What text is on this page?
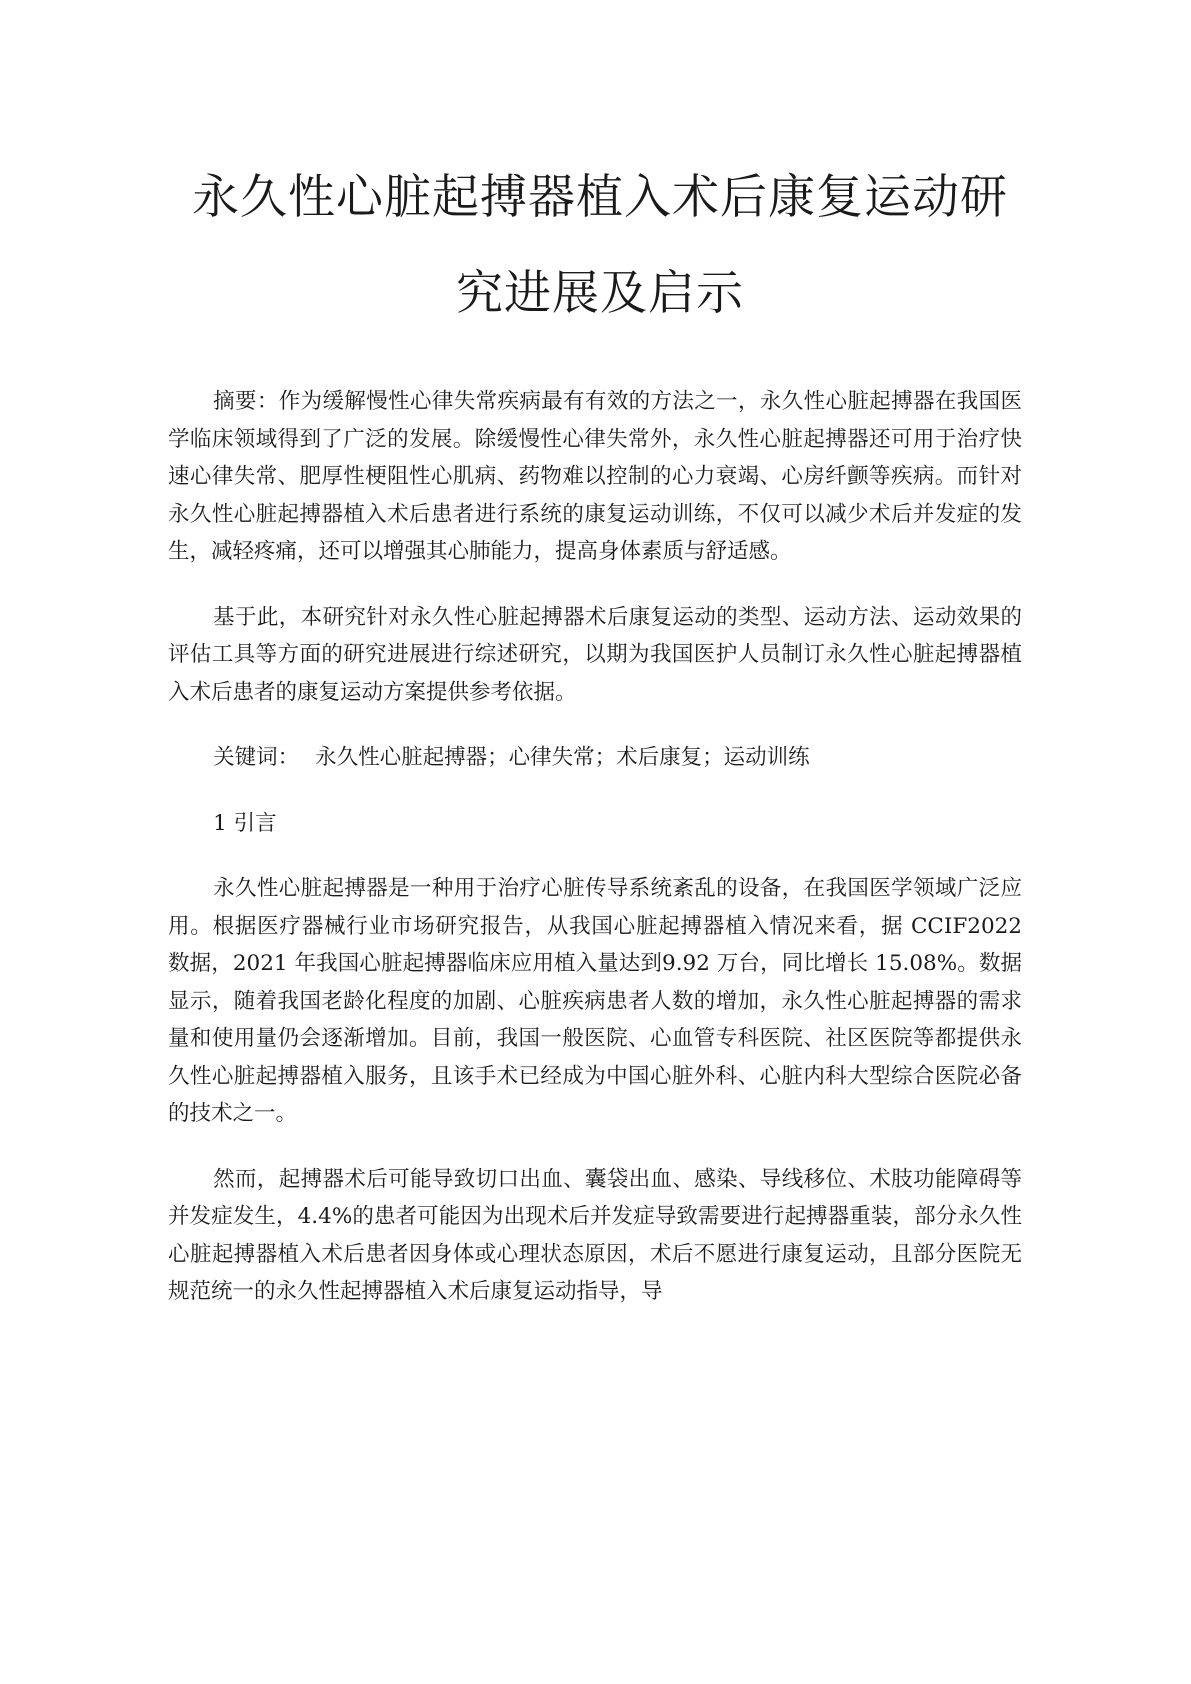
永久性心脏起搏器植入术后康复运动研
究进展及启示

摘要：作为缓解慢性心律失常疾病最有有效的方法之一，永久性心脏起搏器在我国医学临床领域得到了广泛的发展。除缓慢性心律失常外，永久性心脏起搏器还可用于治疗快速心律失常、肥厚性梗阻性心肌病、药物难以控制的心力衰竭、心房纤颤等疾病。而针对永久性心脏起搏器植入术后患者进行系统的康复运动训练，不仅可以减少术后并发症的发生，减轻疼痛，还可以增强其心肺能力，提高身体素质与舒适感。

基于此，本研究针对永久性心脏起搏器术后康复运动的类型、运动方法、运动效果的评估工具等方面的研究进展进行综述研究，以期为我国医护人员制订永久性心脏起搏器植入术后患者的康复运动方案提供参考依据。

关键词： 永久性心脏起搏器；心律失常；术后康复；运动训练

1 引言

永久性心脏起搏器是一种用于治疗心脏传导系统紊乱的设备，在我国医学领域广泛应用。根据医疗器械行业市场研究报告，从我国心脏起搏器植入情况来看，据 CCIF2022 数据，2021 年我国心脏起搏器临床应用植入量达到9.92 万台，同比增长 15.08%。数据显示，随着我国老龄化程度的加剧、心脏疾病患者人数的增加，永久性心脏起搏器的需求量和使用量仍会逐渐增加。目前，我国一般医院、心血管专科医院、社区医院等都提供永久性心脏起搏器植入服务，且该手术已经成为中国心脏外科、心脏内科大型综合医院必备的技术之一。

然而，起搏器术后可能导致切口出血、囊袋出血、感染、导线移位、术肢功能障碍等并发症发生，4.4%的患者可能因为出现术后并发症导致需要进行起搏器重装，部分永久性心脏起搏器植入术后患者因身体或心理状态原因，术后不愿进行康复运动，且部分医院无规范统一的永久性起搏器植入术后康复运动指导，导
